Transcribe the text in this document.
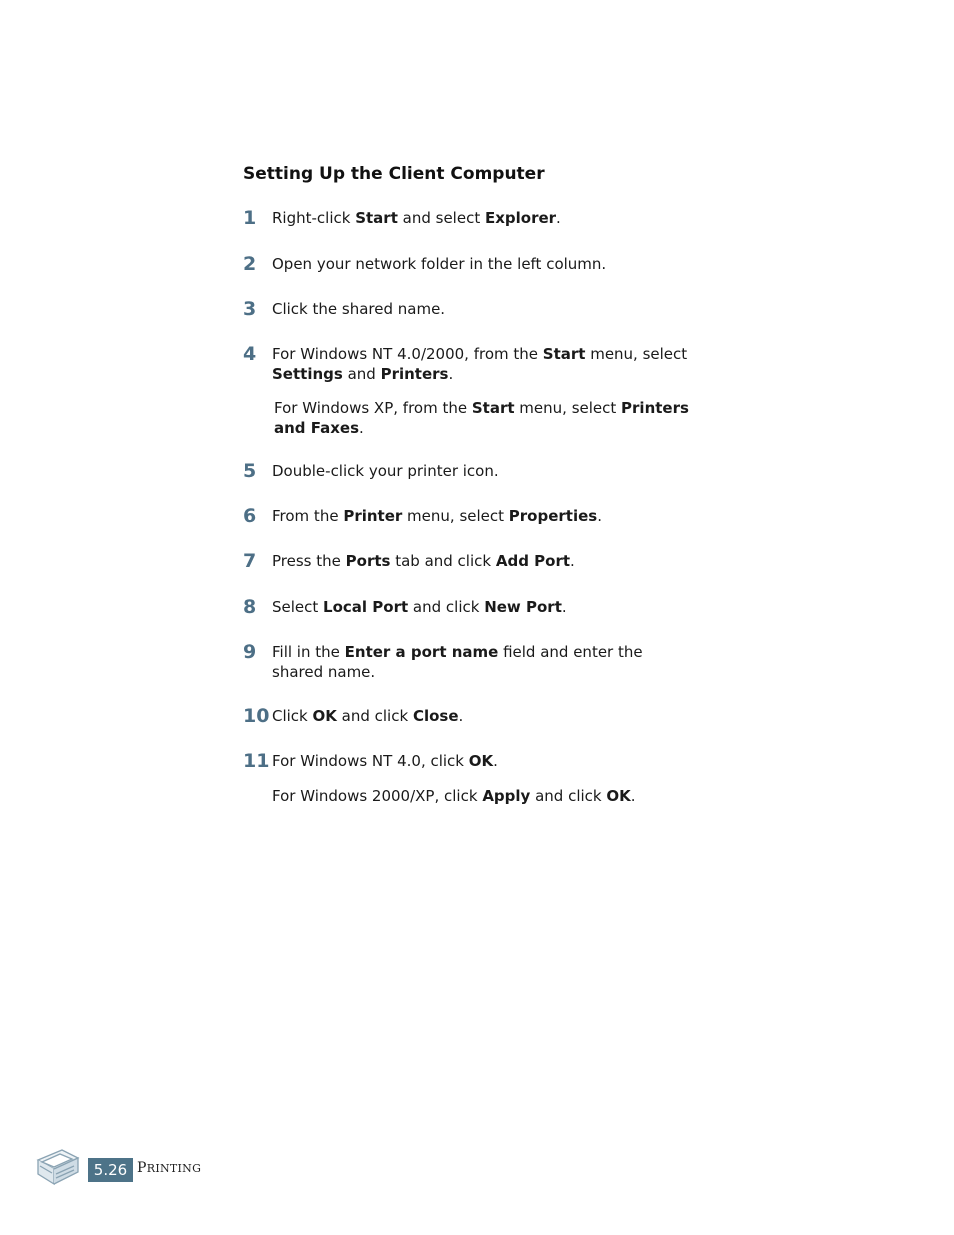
Setting Up the Client Computer
1 Right-click Start and select Explorer.
2 Open your network folder in the left column.
3 Click the shared name.
4 For Windows NT 4.0/2000, from the Start menu, select Settings and Printers.
For Windows XP, from the Start menu, select Printers and Faxes.
5 Double-click your printer icon.
6 From the Printer menu, select Properties.
7 Press the Ports tab and click Add Port.
8 Select Local Port and click New Port.
9 Fill in the Enter a port name field and enter the shared name.
10 Click OK and click Close.
11 For Windows NT 4.0, click OK.
For Windows 2000/XP, click Apply and click OK.
5.26 PRINTING
